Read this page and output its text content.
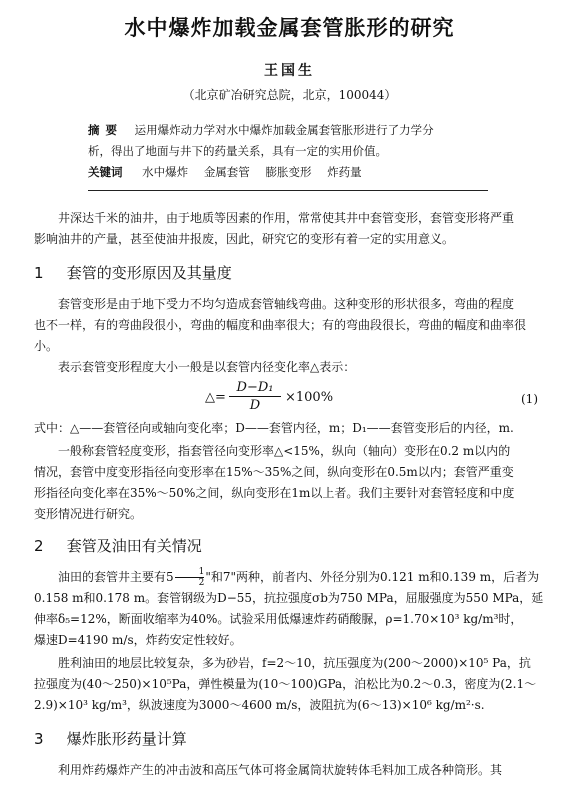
水中爆炸加载金属套管胀形的研究
王国生
（北京矿冶研究总院，北京，100044）
摘要 运用爆炸动力学对水中爆炸加载金属套管胀形进行了力学分
析，得出了地面与井下的药量关系，具有一定的实用价值。
关键词 水中爆炸 金属套管 膨胀变形 炸药量
井深达千米的油井，由于地质等因素的作用，常常使其井中套管变形，套管变形将严重
影响油井的产量，甚至使油井报废，因此，研究它的变形有着一定的实用意义。
1 套管的变形原因及其量度
套管变形是由于地下受力不均匀造成套管轴线弯曲。这种变形的形状很多，弯曲的程度
也不一样，有的弯曲段很小，弯曲的幅度和曲率很大；有的弯曲段很长，弯曲的幅度和曲率很
小。
表示套管变形程度大小一般是以套管内径变化率△表示：
△=
D−D₁
D
×100%	(1)
式中：△——套管径向或轴向变化率；D——套管内径，m；D₁——套管变形后的内径，m.
一般称套管轻度变形，指套管径向变形率△<15%，纵向（轴向）变形在0.2 m以内的
情况，套管中度变形指径向变形率在15%～35%之间，纵向变形在0.5m以内；套管严重变
形指径向变化率在35%～50%之间，纵向变形在1m以上者。我们主要针对套管轻度和中度
变形情况进行研究。
2 套管及油田有关情况
油田的套管井主要有$5 \frac{1}{2}$ "和7"两种，前者内、外径分别为0.121 m和0.139 m，后者为
0.158 m和0.178 m。套管钢级为D−55，抗拉强度σb为750 MPa，屈服强度为550 MPa，延
伸率δ₅=12%，断面收缩率为40%。试验采用低爆速炸药硝酸脲，ρ=1.70×10³ kg/m³时，
爆速D=4190 m/s，炸药安定性较好。
胜利油田的地层比较复杂，多为砂岩，f=2～10，抗压强度为(200～2000)×10⁵ Pa，抗
拉强度为(40～250)×10⁵Pa，弹性模量为(10～100)GPa，泊松比为0.2～0.3，密度为(2.1～
2.9)×10³ kg/m³，纵波速度为3000～4600 m/s，波阻抗为(6～13)×10⁶ kg/m²·s.
3 爆炸胀形药量计算
利用炸药爆炸产生的冲击波和高压气体可将金属筒状旋转体毛料加工成各种筒形。其
